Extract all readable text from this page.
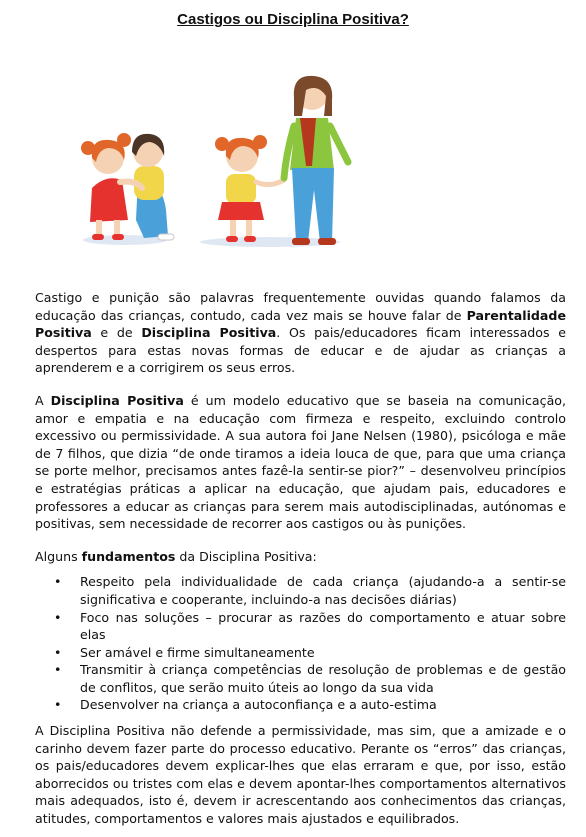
Castigos ou Disciplina Positiva?

Castigo e punição são palavras frequentemente ouvidas quando falamos da educação das crianças, contudo, cada vez mais se houve falar de Parentalidade Positiva e de Disciplina Positiva. Os pais/educadores ficam interessados e despertos para estas novas formas de educar e de ajudar as crianças a aprenderem e a corrigirem os seus erros.

A Disciplina Positiva é um modelo educativo que se baseia na comunicação, amor e empatia e na educação com firmeza e respeito, excluindo controlo excessivo ou permissividade. A sua autora foi Jane Nelsen (1980), psicóloga e mãe de 7 filhos, que dizia “de onde tiramos a ideia louca de que, para que uma criança se porte melhor, precisamos antes fazê-la sentir-se pior?” – desenvolveu princípios e estratégias práticas a aplicar na educação, que ajudam pais, educadores e professores a educar as crianças para serem mais autodisciplinadas, autónomas e positivas, sem necessidade de recorrer aos castigos ou às punições.

Alguns fundamentos da Disciplina Positiva:

• Respeito pela individualidade de cada criança (ajudando-a a sentir-se significativa e cooperante, incluindo-a nas decisões diárias)
• Foco nas soluções – procurar as razões do comportamento e atuar sobre elas
• Ser amável e firme simultaneamente
• Transmitir à criança competências de resolução de problemas e de gestão de conflitos, que serão muito úteis ao longo da sua vida
• Desenvolver na criança a autoconfiança e a auto-estima

A Disciplina Positiva não defende a permissividade, mas sim, que a amizade e o carinho devem fazer parte do processo educativo. Perante os “erros” das crianças, os pais/educadores devem explicar-lhes que elas erraram e que, por isso, estão aborrecidos ou tristes com elas e devem apontar-lhes comportamentos alternativos mais adequados, isto é, devem ir acrescentando aos conhecimentos das crianças, atitudes, comportamentos e valores mais ajustados e equilibrados.
